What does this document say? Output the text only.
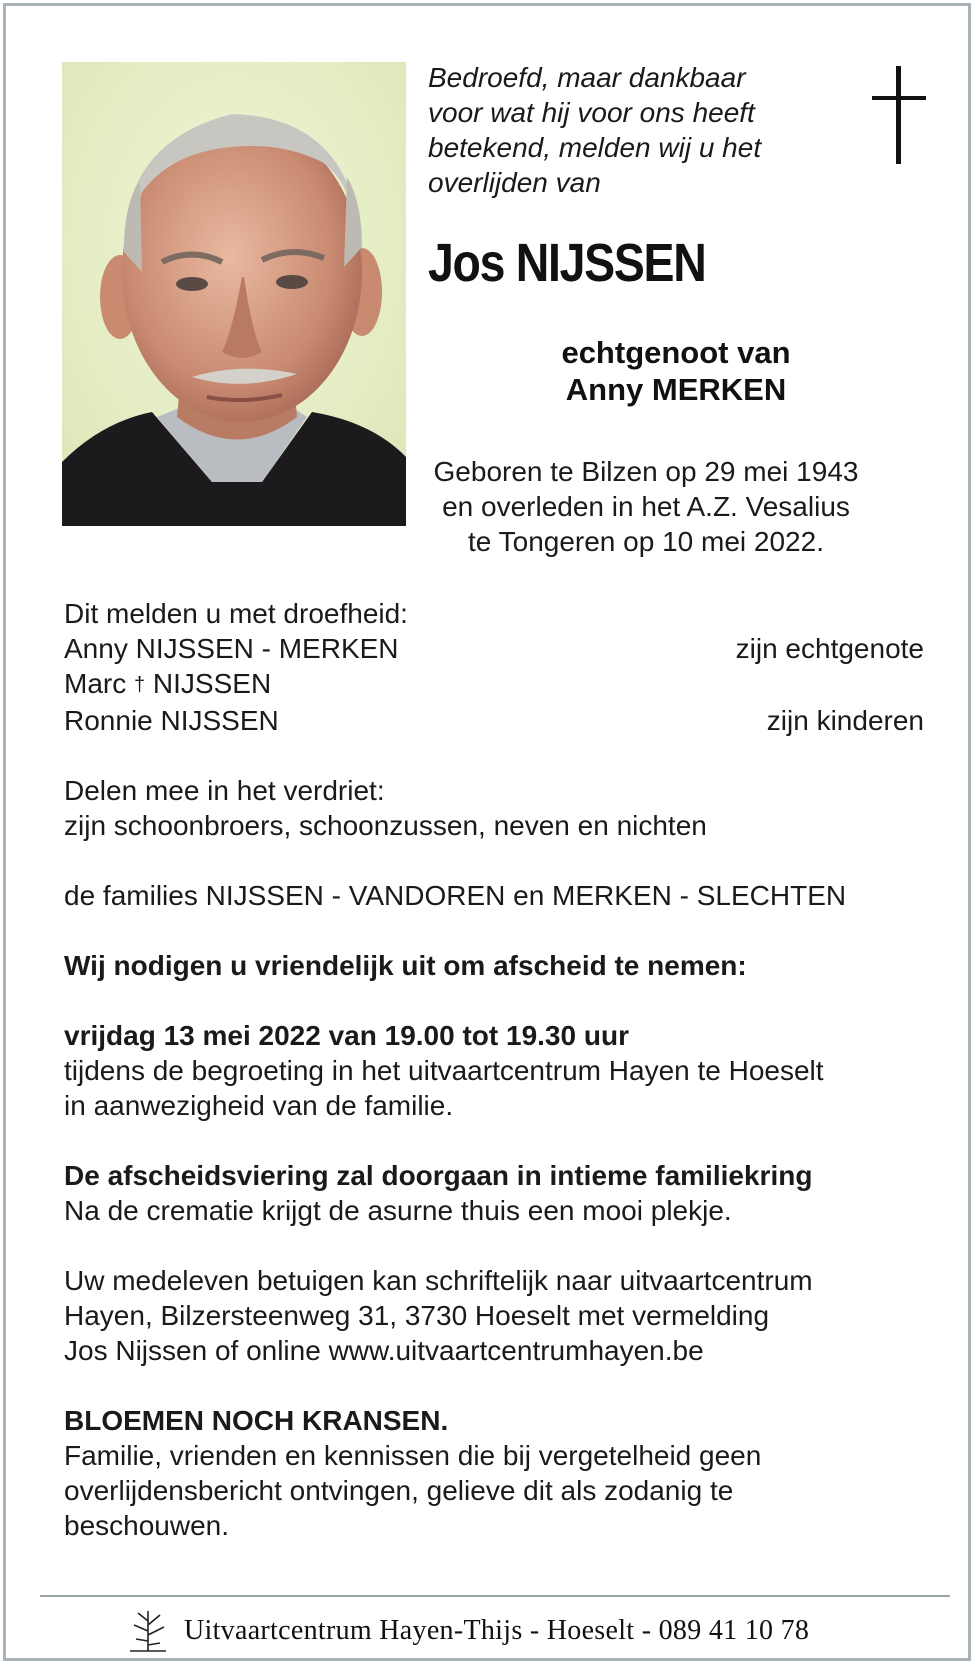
Bedroefd, maar dankbaar
voor wat hij voor ons heeft
betekend, melden wij u het
overlijden van
Jos NIJSSEN
echtgenoot van
Anny MERKEN
Geboren te Bilzen op 29 mei 1943
en overleden in het A.Z. Vesalius
te Tongeren op 10 mei 2022.
Dit melden u met droefheid:
Anny NIJSSEN - MERKEN	zijn echtgenote
Marc † NIJSSEN
Ronnie NIJSSEN	zijn kinderen
Delen mee in het verdriet:
zijn schoonbroers, schoonzussen, neven en nichten
de families NIJSSEN - VANDOREN en MERKEN - SLECHTEN
Wij nodigen u vriendelijk uit om afscheid te nemen:
vrijdag 13 mei 2022 van 19.00 tot 19.30 uur
tijdens de begroeting in het uitvaartcentrum Hayen te Hoeselt
in aanwezigheid van de familie.
De afscheidsviering zal doorgaan in intieme familiekring
Na de crematie krijgt de asurne thuis een mooi plekje.
Uw medeleven betuigen kan schriftelijk naar uitvaartcentrum
Hayen, Bilzersteenweg 31, 3730 Hoeselt met vermelding
Jos Nijssen of online www.uitvaartcentrumhayen.be
BLOEMEN NOCH KRANSEN.
Familie, vrienden en kennissen die bij vergetelheid geen
overlijdensbericht ontvingen, gelieve dit als zodanig te
beschouwen.
Uitvaartcentrum Hayen-Thijs - Hoeselt - 089 41 10 78
